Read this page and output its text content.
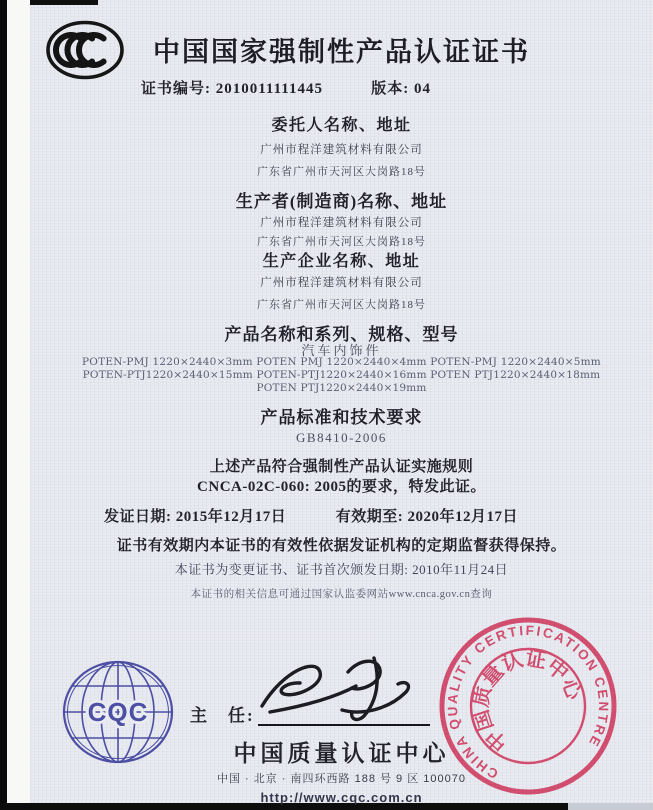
中国国家强制性产品认证证书
证书编号: 2010011111445	版本: 04
委托人名称、地址
广州市程洋建筑材料有限公司
广东省广州市天河区大岗路18号
生产者(制造商)名称、地址
广州市程洋建筑材料有限公司
广东省广州市天河区大岗路18号
生产企业名称、地址
广州市程洋建筑材料有限公司
广东省广州市天河区大岗路18号
产品名称和系列、规格、型号
汽车内饰件
POTEN-PMJ 1220×2440×3mm POTEN PMJ 1220×2440×4mm POTEN-PMJ 1220×2440×5mm POTEN-PTJ1220×2440×15mm POTEN-PTJ1220×2440×16mm POTEN PTJ1220×2440×18mm POTEN PTJ1220×2440×19mm
产品标准和技术要求
GB8410-2006
上述产品符合强制性产品认证实施规则
CNCA-02C-060: 2005的要求，特发此证。
发证日期: 2015年12月17日	有效期至: 2020年12月17日
证书有效期内本证书的有效性依据发证机构的定期监督获得保持。
本证书为变更证书、证书首次颁发日期: 2010年11月24日
本证书的相关信息可通过国家认监委网站www.cnca.gov.cn查询
CQC 主　任:
中国质量认证中心
中国 · 北京 · 南四环西路 188 号 9 区 100070
http://www.cqc.com.cn
CHINA QUALITY CERTIFICATION CENTRE
中国质量认证中心
